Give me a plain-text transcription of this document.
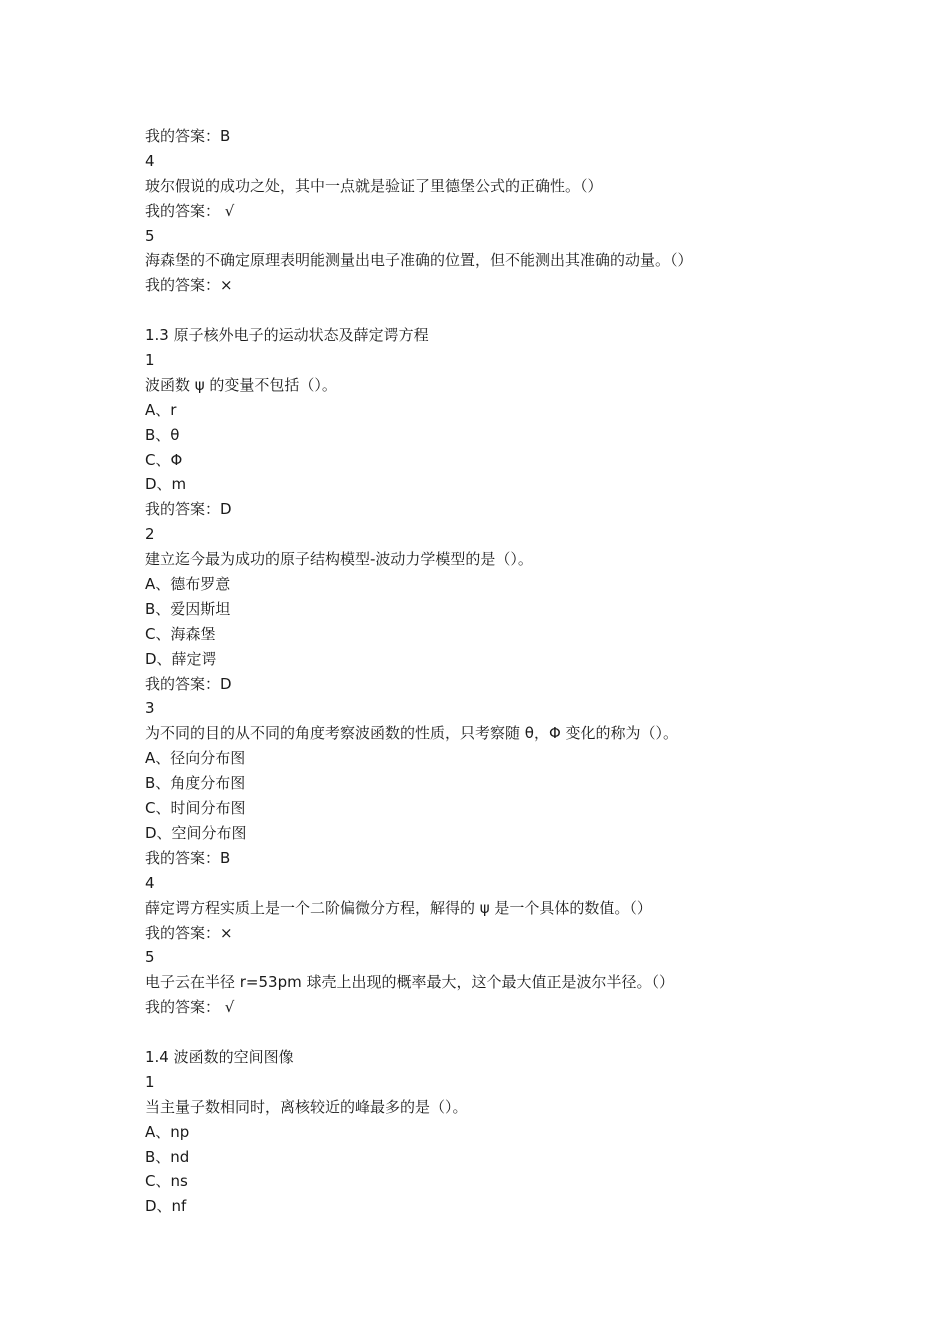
我的答案：B
4
玻尔假说的成功之处，其中一点就是验证了里德堡公式的正确性。（）
我的答案： √
5
海森堡的不确定原理表明能测量出电子准确的位置，但不能测出其准确的动量。（）
我的答案：×
1.3 原子核外电子的运动状态及薛定谔方程
1
波函数 ψ 的变量不包括（）。
A、r
B、θ
C、Φ
D、m
我的答案：D
2
建立迄今最为成功的原子结构模型-波动力学模型的是（）。
A、德布罗意
B、爱因斯坦
C、海森堡
D、薛定谔
我的答案：D
3
为不同的目的从不同的角度考察波函数的性质，只考察随 θ，Φ 变化的称为（）。
A、径向分布图
B、角度分布图
C、时间分布图
D、空间分布图
我的答案：B
4
薛定谔方程实质上是一个二阶偏微分方程，解得的 ψ 是一个具体的数值。（）
我的答案：×
5
电子云在半径 r=53pm 球壳上出现的概率最大，这个最大值正是波尔半径。（）
我的答案： √
1.4 波函数的空间图像
1
当主量子数相同时，离核较近的峰最多的是（）。
A、np
B、nd
C、ns
D、nf
